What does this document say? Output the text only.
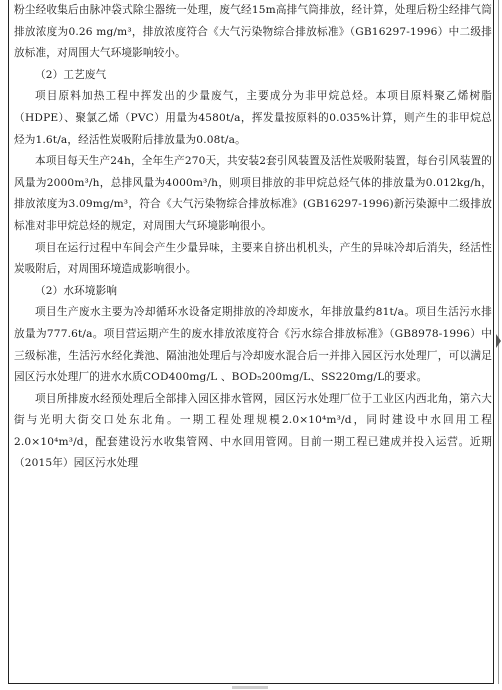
粉尘经收集后由脉冲袋式除尘器统一处理，废气经15m高排气筒排放，经计算，处理后粉尘经排气筒排放浓度为0.26 mg/m³，排放浓度符合《大气污染物综合排放标准》（GB16297-1996）中二级排放标准，对周围大气环境影响较小。

（2）工艺废气

项目原料加热工程中挥发出的少量废气，主要成分为非甲烷总烃。本项目原料聚乙烯树脂（HDPE）、聚氯乙烯（PVC）用量为4580t/a，挥发量按原料的0.035%计算，则产生的非甲烷总烃为1.6t/a，经活性炭吸附后排放量为0.08t/a。

本项目每天生产24h，全年生产270天，共安装2套引风装置及活性炭吸附装置，每台引风装置的风量为2000m³/h，总排风量为4000m³/h，则项目排放的非甲烷总烃气体的排放量为0.012kg/h，排放浓度为3.09mg/m³，符合《大气污染物综合排放标准》(GB16297-1996)新污染源中二级排放标准对非甲烷总烃的规定，对周围大气环境影响很小。

项目在运行过程中车间会产生少量异味，主要来自挤出机机头，产生的异味冷却后消失，经活性炭吸附后，对周围环境造成影响很小。

（2）水环境影响

项目生产废水主要为冷却循环水设备定期排放的冷却废水，年排放量约81t/a。项目生活污水排放量为777.6t/a。项目营运期产生的废水排放浓度符合《污水综合排放标准》（GB8978-1996）中三级标准，生活污水经化粪池、隔油池处理后与冷却废水混合后一并排入园区污水处理厂，可以满足园区污水处理厂的进水水质COD400mg/L 、BOD₅200mg/L、SS220mg/L的要求。

项目所排废水经预处理后全部排入园区排水管网，园区污水处理厂位于工业区内西北角，第六大街与光明大街交口处东北角。一期工程处理规模2.0×10⁴m³/d，同时建设中水回用工程2.0×10⁴m³/d，配套建设污水收集管网、中水回用管网。目前一期工程已建成并投入运营。近期（2015年）园区污水处理
